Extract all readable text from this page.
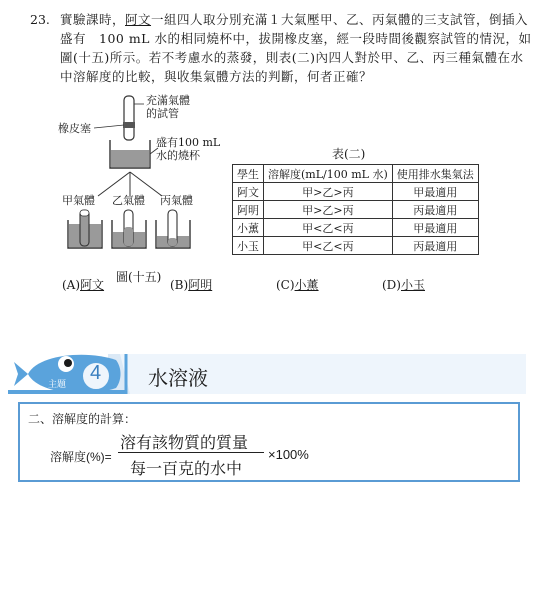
23. 實驗課時，阿文一組四人取分別充滿１大氣壓甲、乙、丙氣體的三支試管，倒插入盛有　100 mL 水的相同燒杯中，拔開橡皮塞，經一段時間後觀察試管的情況，如圖(十五)所示。若不考慮水的蒸發，則表(二)內四人對於甲、乙、丙三種氣體在水中溶解度的比較，與收集氣體方法的判斷，何者正確？
充滿氣體
的試管
橡皮塞
盛有100 mL
水的燒杯
甲氣體 乙氣體 丙氣體
圖(十五)
表(二)
學生	溶解度(mL/100 mL 水)	使用排水集氣法
阿文	甲>乙>丙	甲最適用
阿明	甲>乙>丙	丙最適用
小薰	甲<乙<丙	甲最適用
小玉	甲<乙<丙	丙最適用
(A)阿文	(B)阿明	(C)小薰	(D)小玉
主題 4 水溶液
二、溶解度的計算：
溶解度(%)=
溶有該物質的質量
每一百克的水中
×100%
